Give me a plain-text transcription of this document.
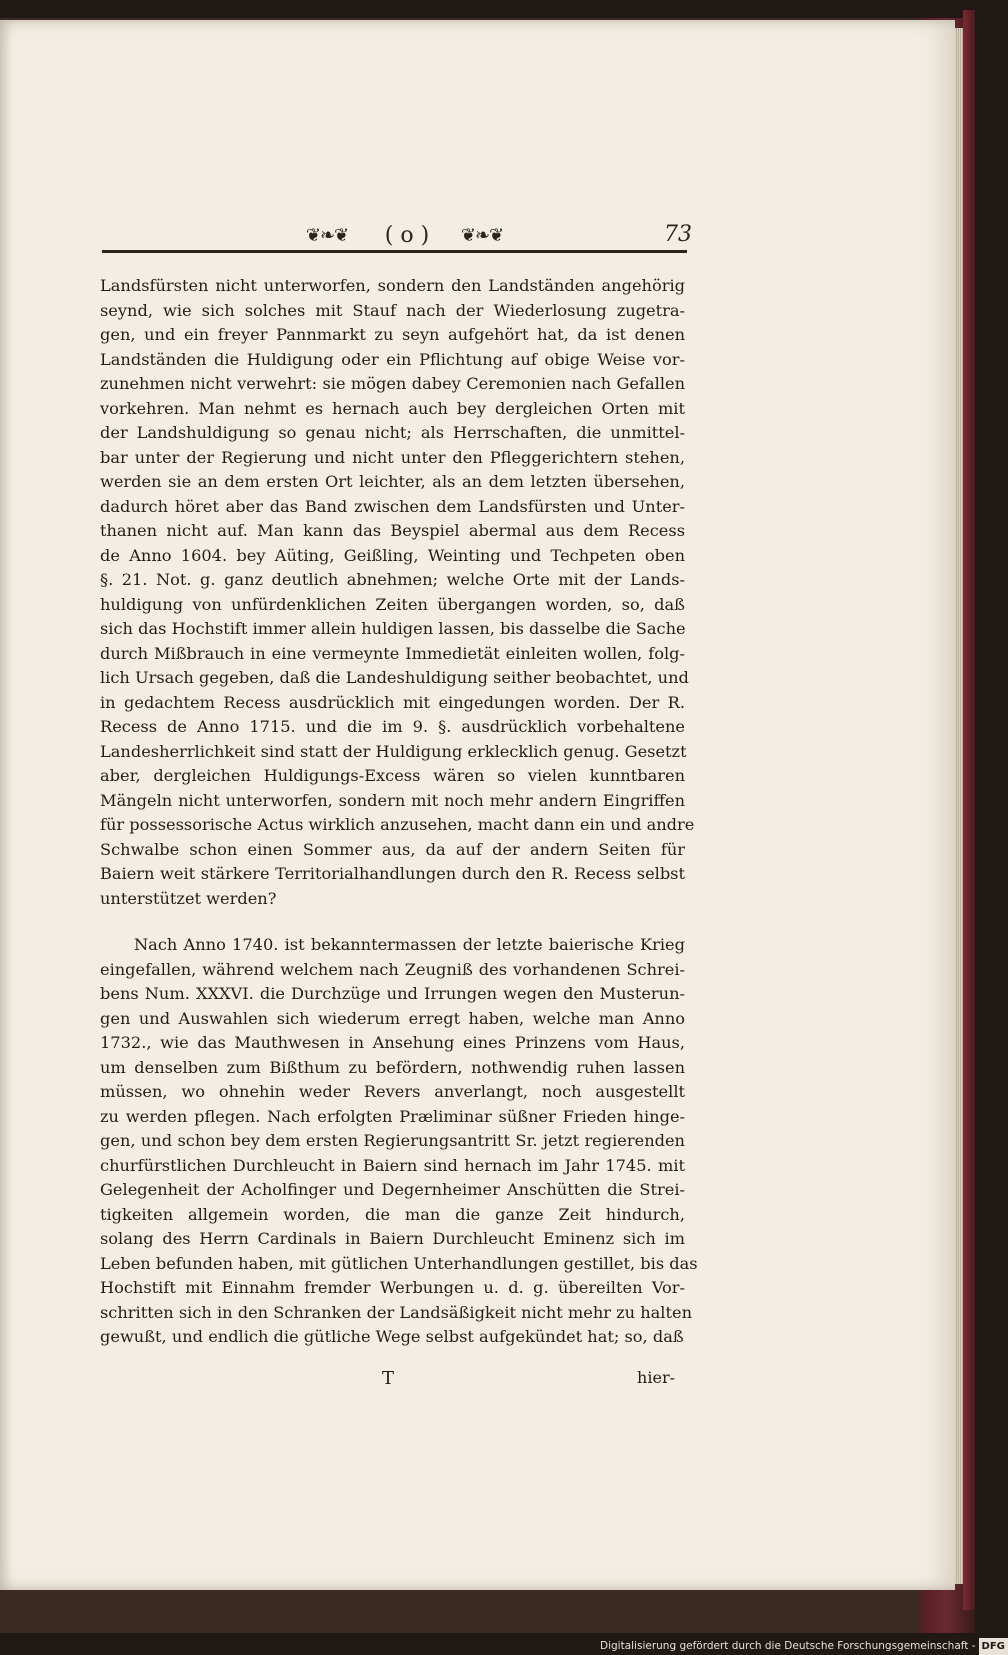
❦❧❦	( o )	❦❧❦	73
Landsfürsten nicht unterworfen, sondern den Landständen angehörig
seynd, wie sich solches mit Stauf nach der Wiederlosung zugetra-
gen, und ein freyer Pannmarkt zu seyn aufgehört hat, da ist denen
Landständen die Huldigung oder ein Pflichtung auf obige Weise vor-
zunehmen nicht verwehrt: sie mögen dabey Ceremonien nach Gefallen
vorkehren. Man nehmt es hernach auch bey dergleichen Orten mit
der Landshuldigung so genau nicht; als Herrschaften, die unmittel-
bar unter der Regierung und nicht unter den Pfleggerichtern stehen,
werden sie an dem ersten Ort leichter, als an dem letzten übersehen,
dadurch höret aber das Band zwischen dem Landsfürsten und Unter-
thanen nicht auf. Man kann das Beyspiel abermal aus dem Recess
de Anno 1604. bey Aüting, Geißling, Weinting und Techpeten oben
§. 21. Not. g. ganz deutlich abnehmen; welche Orte mit der Lands-
huldigung von unfürdenklichen Zeiten übergangen worden, so, daß
sich das Hochstift immer allein huldigen lassen, bis dasselbe die Sache
durch Mißbrauch in eine vermeynte Immedietät einleiten wollen, folg-
lich Ursach gegeben, daß die Landeshuldigung seither beobachtet, und
in gedachtem Recess ausdrücklich mit eingedungen worden. Der R.
Recess de Anno 1715. und die im 9. §. ausdrücklich vorbehaltene
Landesherrlichkeit sind statt der Huldigung erklecklich genug. Gesetzt
aber, dergleichen Huldigungs-Excess wären so vielen kunntbaren
Mängeln nicht unterworfen, sondern mit noch mehr andern Eingriffen
für possessorische Actus wirklich anzusehen, macht dann ein und andre
Schwalbe schon einen Sommer aus, da auf der andern Seiten für
Baiern weit stärkere Territorialhandlungen durch den R. Recess selbst
unterstützet werden?
Nach Anno 1740. ist bekanntermassen der letzte baierische Krieg
eingefallen, während welchem nach Zeugniß des vorhandenen Schrei-
bens Num. XXXVI. die Durchzüge und Irrungen wegen den Musterun-
gen und Auswahlen sich wiederum erregt haben, welche man Anno
1732., wie das Mauthwesen in Ansehung eines Prinzens vom Haus,
um denselben zum Bißthum zu befördern, nothwendig ruhen lassen
müssen, wo ohnehin weder Revers anverlangt, noch ausgestellt
zu werden pflegen. Nach erfolgten Præliminar süßner Frieden hinge-
gen, und schon bey dem ersten Regierungsantritt Sr. jetzt regierenden
churfürstlichen Durchleucht in Baiern sind hernach im Jahr 1745. mit
Gelegenheit der Acholfinger und Degernheimer Anschütten die Strei-
tigkeiten allgemein worden, die man die ganze Zeit hindurch,
solang des Herrn Cardinals in Baiern Durchleucht Eminenz sich im
Leben befunden haben, mit gütlichen Unterhandlungen gestillet, bis das
Hochstift mit Einnahm fremder Werbungen u. d. g. übereilten Vor-
schritten sich in den Schranken der Landsäßigkeit nicht mehr zu halten
gewußt, und endlich die gütliche Wege selbst aufgekündet hat; so, daß
T	hier-
Digitalisierung gefördert durch die Deutsche Forschungsgemeinschaft - DFG
